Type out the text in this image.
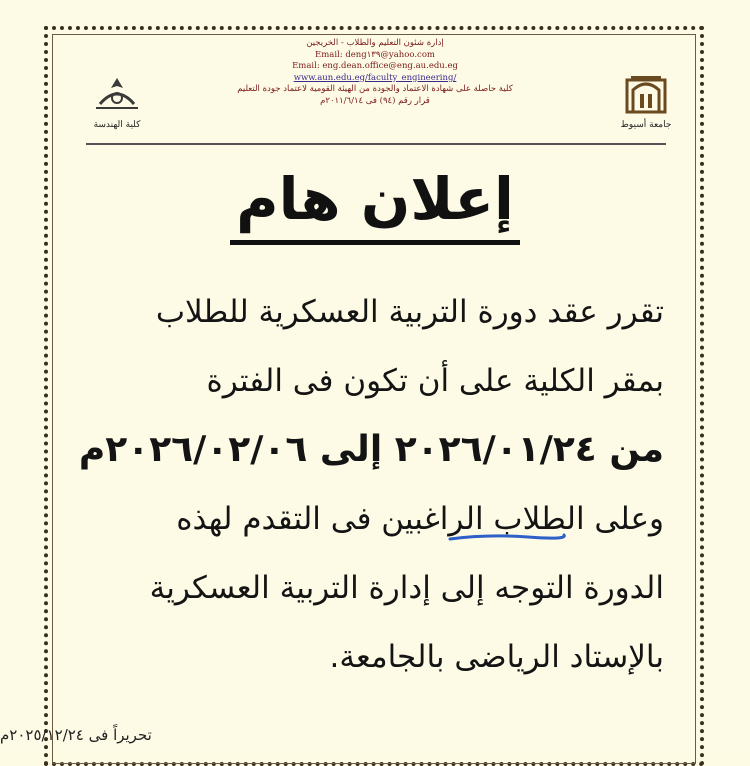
إدارة شئون التعليم والطلاب - الخريجين
Email: deng١٣٩@yahoo.com
Email: eng.dean.office@eng.au.edu.eg
www.aun.edu.eg/faculty_engineering/
كلية حاصلة على شهادة الاعتماد والجودة من الهيئة القومية لاعتماد جودة التعليم
قرار رقم (٩٤) فى ٢٠١١/٦/١٤م
جامعة أسيوط
كلية الهندسة
إعلان هام
تقرر عقد دورة التربية العسكرية للطلاب
بمقر الكلية على أن تكون فى الفترة
من ٢٠٢٦/٠١/٢٤ إلى ٢٠٢٦/٠٢/٠٦م
وعلى الطلاب الراغبين فى التقدم لهذه
الدورة التوجه إلى إدارة التربية العسكرية
بالإستاد الرياضى بالجامعة.
تحريراً فى ٢٠٢٥/١٢/٢٤م
